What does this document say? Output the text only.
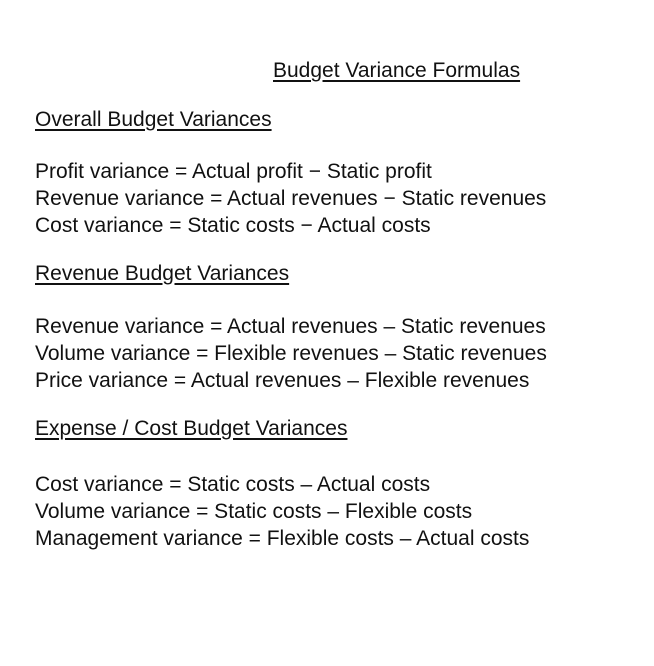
Budget Variance Formulas
Overall Budget Variances
Profit variance = Actual profit − Static profit
Revenue variance = Actual revenues − Static revenues
Cost variance = Static costs − Actual costs
Revenue Budget Variances
Revenue variance = Actual revenues – Static revenues
Volume variance = Flexible revenues – Static revenues
Price variance = Actual revenues – Flexible revenues
Expense / Cost Budget Variances
Cost variance = Static costs – Actual costs
Volume variance = Static costs – Flexible costs
Management variance = Flexible costs – Actual costs
